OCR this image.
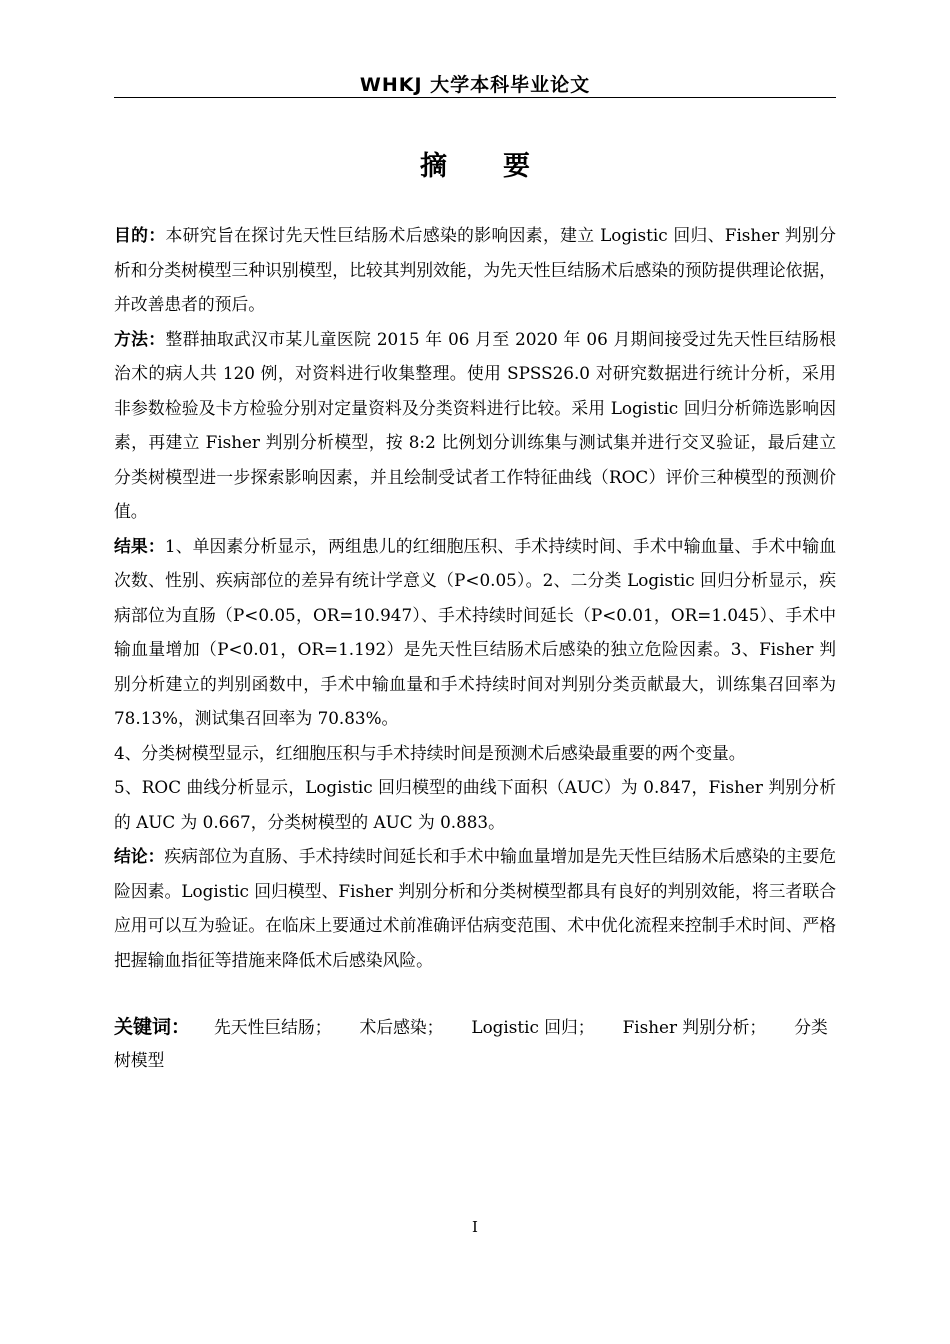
WHKJ 大学本科毕业论文
摘要

目的：本研究旨在探讨先天性巨结肠术后感染的影响因素，建立 Logistic 回归、Fisher 判别分析和分类树模型三种识别模型，比较其判别效能，为先天性巨结肠术后感染的预防提供理论依据，并改善患者的预后。

方法：整群抽取武汉市某儿童医院 2015 年 06 月至 2020 年 06 月期间接受过先天性巨结肠根治术的病人共 120 例，对资料进行收集整理。使用 SPSS26.0 对研究数据进行统计分析，采用非参数检验及卡方检验分别对定量资料及分类资料进行比较。采用 Logistic 回归分析筛选影响因素，再建立 Fisher 判别分析模型，按 8:2 比例划分训练集与测试集并进行交叉验证，最后建立分类树模型进一步探索影响因素，并且绘制受试者工作特征曲线（ROC）评价三种模型的预测价值。

结果：1、单因素分析显示，两组患儿的红细胞压积、手术持续时间、手术中输血量、手术中输血次数、性别、疾病部位的差异有统计学意义（P<0.05）。2、二分类 Logistic 回归分析显示，疾病部位为直肠（P<0.05，OR=10.947）、手术持续时间延长（P<0.01，OR=1.045）、手术中输血量增加（P<0.01，OR=1.192）是先天性巨结肠术后感染的独立危险因素。3、Fisher 判别分析建立的判别函数中，手术中输血量和手术持续时间对判别分类贡献最大，训练集召回率为 78.13%，测试集召回率为 70.83%。

4、分类树模型显示，红细胞压积与手术持续时间是预测术后感染最重要的两个变量。

5、ROC 曲线分析显示，Logistic 回归模型的曲线下面积（AUC）为 0.847，Fisher 判别分析的 AUC 为 0.667，分类树模型的 AUC 为 0.883。

结论：疾病部位为直肠、手术持续时间延长和手术中输血量增加是先天性巨结肠术后感染的主要危险因素。Logistic 回归模型、Fisher 判别分析和分类树模型都具有良好的判别效能，将三者联合应用可以互为验证。在临床上要通过术前准确评估病变范围、术中优化流程来控制手术时间、严格把握输血指征等措施来降低术后感染风险。

关键词： 先天性巨结肠； 术后感染； Logistic 回归； Fisher 判别分析； 分类树模型
I
